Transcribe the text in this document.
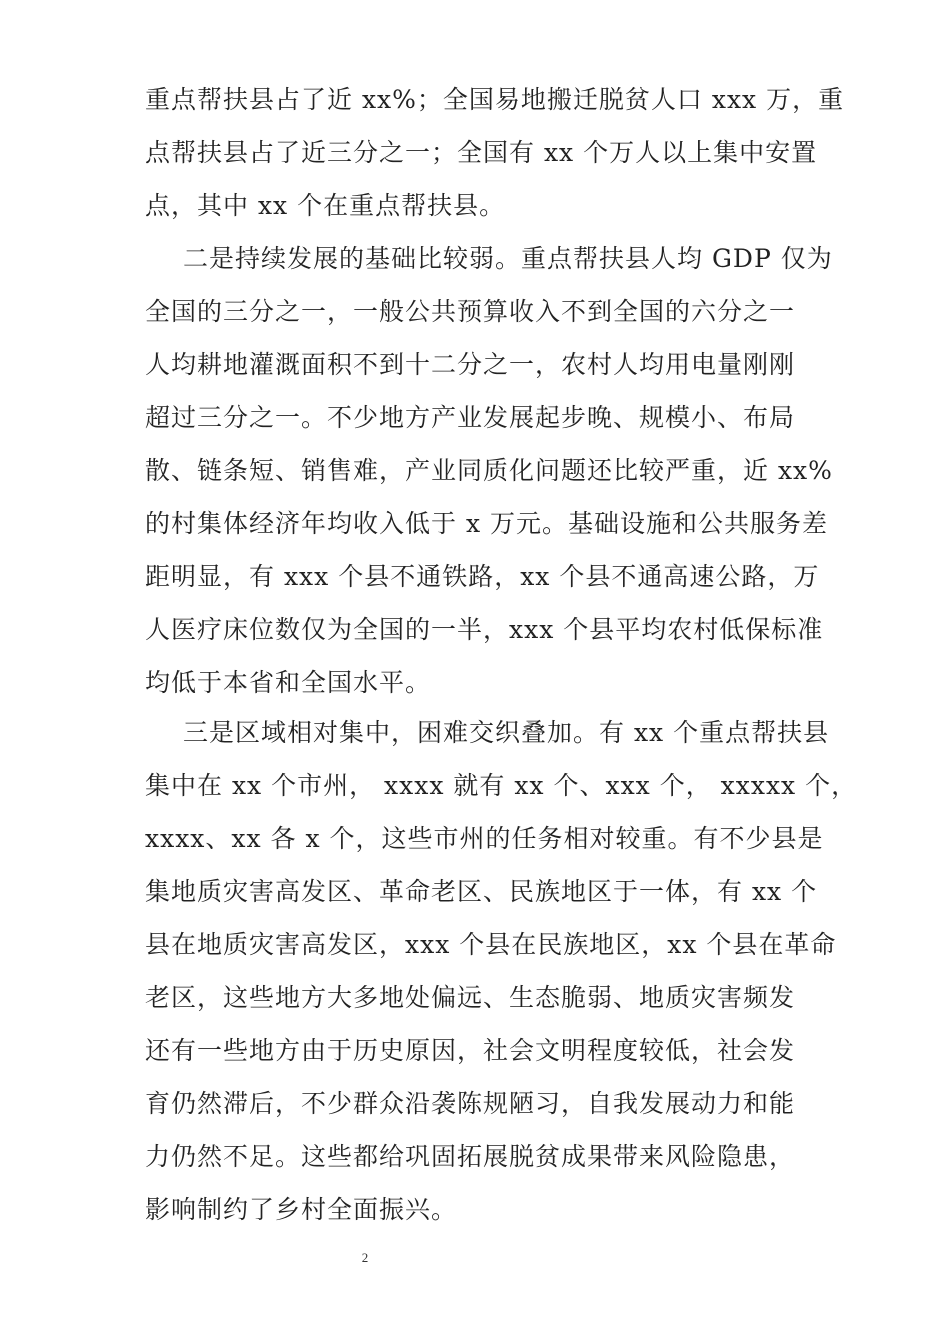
重点帮扶县占了近 xx%；全国易地搬迁脱贫人口 xxx 万，重
点帮扶县占了近三分之一；全国有 xx 个万人以上集中安置
点，其中 xx 个在重点帮扶县。
二是持续发展的基础比较弱。重点帮扶县人均 GDP 仅为
全国的三分之一，一般公共预算收入不到全国的六分之一
人均耕地灌溉面积不到十二分之一，农村人均用电量刚刚
超过三分之一。不少地方产业发展起步晚、规模小、布局
散、链条短、销售难，产业同质化问题还比较严重，近 xx%
的村集体经济年均收入低于 x 万元。基础设施和公共服务差
距明显，有 xxx 个县不通铁路，xx 个县不通高速公路，万
人医疗床位数仅为全国的一半，xxx 个县平均农村低保标准
均低于本省和全国水平。
三是区域相对集中，困难交织叠加。有 xx 个重点帮扶县
集中在 xx 个市州， xxxx 就有 xx 个、xxx 个， xxxxx 个，
xxxx、xx 各 x 个，这些市州的任务相对较重。有不少县是
集地质灾害高发区、革命老区、民族地区于一体，有 xx 个
县在地质灾害高发区，xxx 个县在民族地区，xx 个县在革命
老区，这些地方大多地处偏远、生态脆弱、地质灾害频发
还有一些地方由于历史原因，社会文明程度较低，社会发
育仍然滞后，不少群众沿袭陈规陋习，自我发展动力和能
力仍然不足。这些都给巩固拓展脱贫成果带来风险隐患，
影响制约了乡村全面振兴。
2
